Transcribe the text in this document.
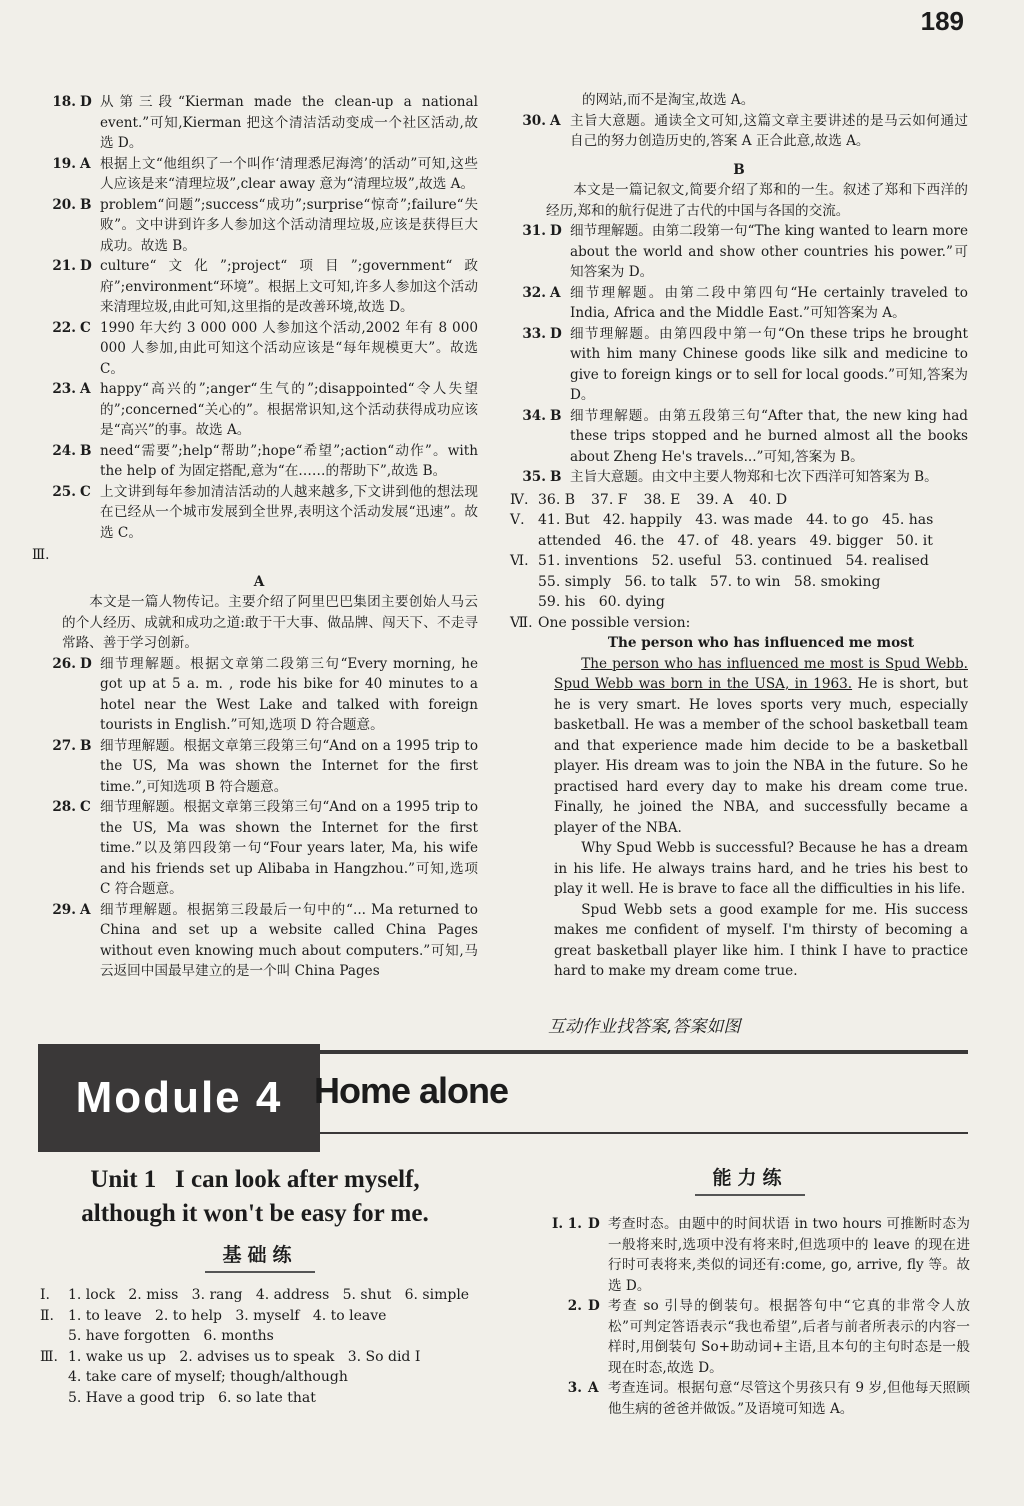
189
18. D 从第三段“Kierman made the clean-up a national event.”可知,Kierman 把这个清洁活动变成一个社区活动,故选 D。
19. A 根据上文“他组织了一个叫作‘清理悉尼海湾’的活动”可知,这些人应该是来“清理垃圾”,clear away 意为“清理垃圾”,故选 A。
20. B problem“问题”;success“成功”;surprise“惊奇”;failure“失败”。文中讲到许多人参加这个活动清理垃圾,应该是获得巨大成功。故选 B。
21. D culture“文化”;project“项目”;government“政府”;environment“环境”。根据上文可知,许多人参加这个活动来清理垃圾,由此可知,这里指的是改善环境,故选 D。
22. C 1990 年大约 3 000 000 人参加这个活动,2002 年有 8 000 000 人参加,由此可知这个活动应该是“每年规模更大”。故选 C。
23. A happy“高兴的”;anger“生气的”;disappointed“令人失望的”;concerned“关心的”。根据常识知,这个活动获得成功应该是“高兴”的事。故选 A。
24. B need“需要”;help“帮助”;hope“希望”;action“动作”。with the help of 为固定搭配,意为“在……的帮助下”,故选 B。
25. C 上文讲到每年参加清洁活动的人越来越多,下文讲到他的想法现在已经从一个城市发展到全世界,表明这个活动发展“迅速”。故选 C。
Ⅲ.
A
本文是一篇人物传记。主要介绍了阿里巴巴集团主要创始人马云的个人经历、成就和成功之道:敢于干大事、做品牌、闯天下、不走寻常路、善于学习创新。
26. D 细节理解题。根据文章第二段第三句“Every morning, he got up at 5 a. m. , rode his bike for 40 minutes to a hotel near the West Lake and talked with foreign tourists in English.”可知,选项 D 符合题意。
27. B 细节理解题。根据文章第三段第三句“And on a 1995 trip to the US, Ma was shown the Internet for the first time.”,可知选项 B 符合题意。
28. C 细节理解题。根据文章第三段第三句“And on a 1995 trip to the US, Ma was shown the Internet for the first time.”以及第四段第一句“Four years later, Ma, his wife and his friends set up Alibaba in Hangzhou.”可知,选项 C 符合题意。
29. A 细节理解题。根据第三段最后一句中的“... Ma returned to China and set up a website called China Pages without even knowing much about computers.”可知,马云返回中国最早建立的是一个叫 China Pages
的网站,而不是淘宝,故选 A。
30. A 主旨大意题。通读全文可知,这篇文章主要讲述的是马云如何通过自己的努力创造历史的,答案 A 正合此意,故选 A。
B
本文是一篇记叙文,简要介绍了郑和的一生。叙述了郑和下西洋的经历,郑和的航行促进了古代的中国与各国的交流。
31. D 细节理解题。由第二段第一句“The king wanted to learn more about the world and show other countries his power.”可知答案为 D。
32. A 细节理解题。由第二段中第四句“He certainly traveled to India, Africa and the Middle East.”可知答案为 A。
33. D 细节理解题。由第四段中第一句“On these trips he brought with him many Chinese goods like silk and medicine to give to foreign kings or to sell for local goods.”可知,答案为 D。
34. B 细节理解题。由第五段第三句“After that, the new king had these trips stopped and he burned almost all the books about Zheng He's travels...”可知,答案为 B。
35. B 主旨大意题。由文中主要人物郑和七次下西洋可知答案为 B。
Ⅳ. 36. B 37. F 38. E 39. A 40. D
Ⅴ. 41. But   42. happily   43. was made   44. to go   45. has
attended   46. the   47. of   48. years   49. bigger   50. it
Ⅵ. 51. inventions   52. useful   53. continued   54. realised
55. simply   56. to talk   57. to win   58. smoking
59. his   60. dying
Ⅶ. One possible version:
The person who has influenced me most
The person who has influenced me most is Spud Webb. Spud Webb was born in the USA, in 1963. He is short, but he is very smart. He loves sports very much, especially basketball. He was a member of the school basketball team and that experience made him decide to be a basketball player. His dream was to join the NBA in the future. So he practised hard every day to make his dream come true. Finally, he joined the NBA, and successfully became a player of the NBA.
Why Spud Webb is successful? Because he has a dream in his life. He always trains hard, and he tries his best to play it well. He is brave to face all the difficulties in his life.
Spud Webb sets a good example for me. His success makes me confident of myself. I'm thirsty of becoming a great basketball player like him. I think I have to practice hard to make my dream come true.
互动作业找答案,答案如图
Module 4 Home alone
Unit 1   I can look after myself,
although it won't be easy for me.
基础练
Ⅰ.	1. lock   2. miss   3. rang   4. address   5. shut   6. simple
Ⅱ.	1. to leave   2. to help   3. myself   4. to leave
5. have forgotten   6. months
Ⅲ. 1. wake us up   2. advises us to speak   3. So did I
4. take care of myself; though/although
5. Have a good trip   6. so late that
能力练
Ⅰ. 1. D 考查时态。由题中的时间状语 in two hours 可推断时态为一般将来时,选项中没有将来时,但选项中的 leave 的现在进行时可表将来,类似的词还有:come, go, arrive, fly 等。故选 D。
2. D 考查 so 引导的倒装句。根据答句中“它真的非常令人放松”可判定答语表示“我也希望”,后者与前者所表示的内容一样时,用倒装句 So+助动词+主语,且本句的主句时态是一般现在时态,故选 D。
3. A 考查连词。根据句意“尽管这个男孩只有 9 岁,但他每天照顾他生病的爸爸并做饭。”及语境可知选 A。
